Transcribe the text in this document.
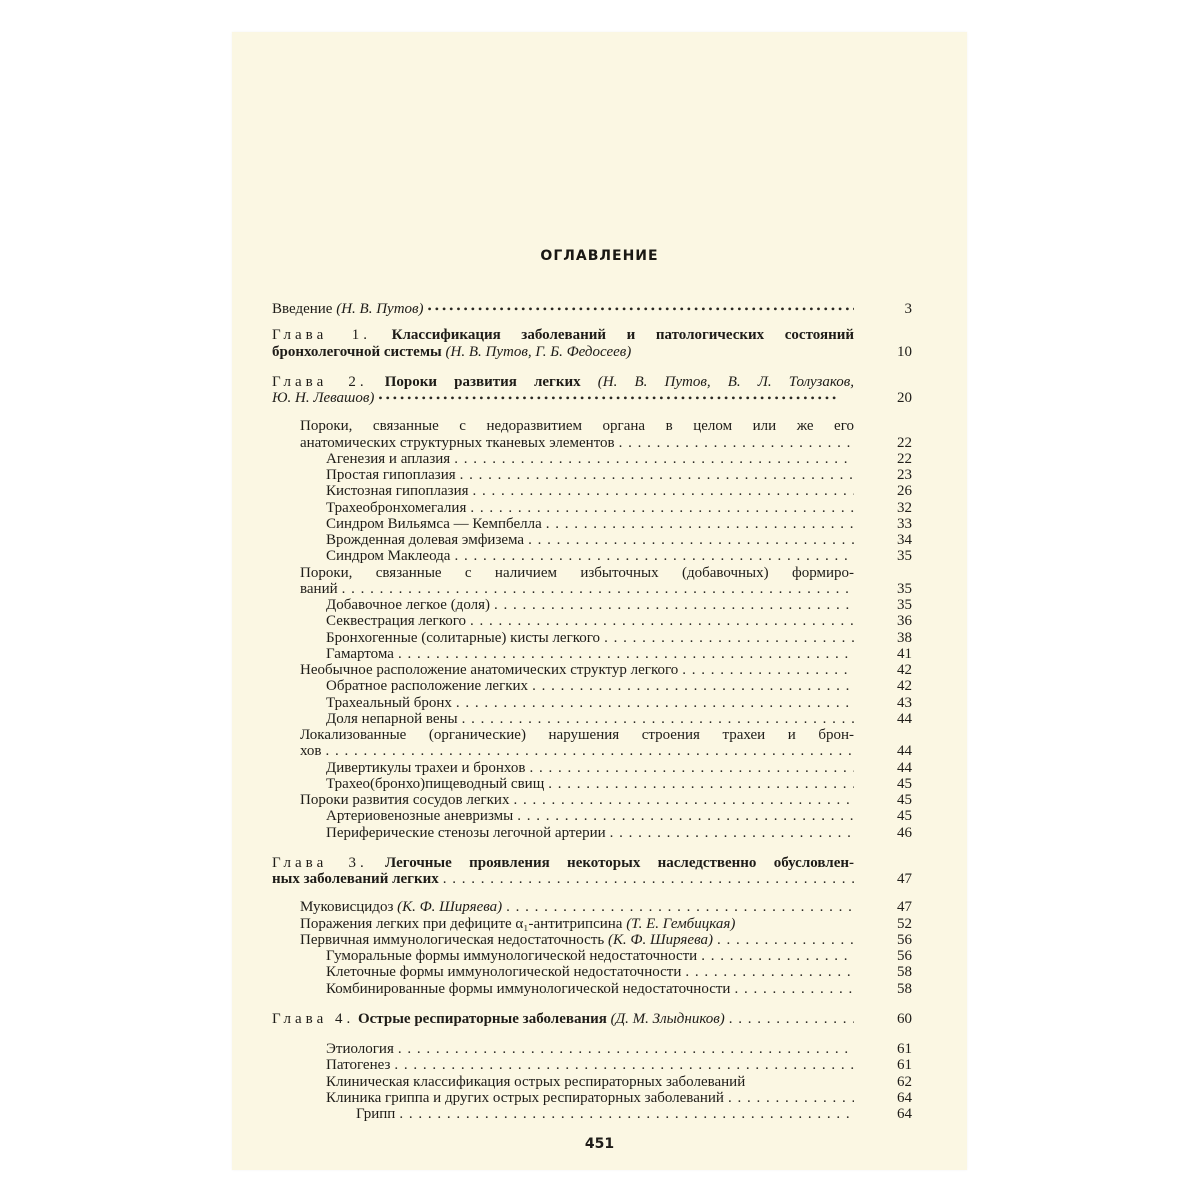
ОГЛАВЛЕНИЕ
Введение (Н. В. Путов) • •	3
Глава 1. Классификация заболеваний и патологических состояний
бронхолегочной системы (Н. В. Путов, Г. Б. Федосеев)	10
Глава 2. Пороки развития легких (Н. В. Путов, В. Л. Толузаков,
Ю. Н. Левашов) • •	20
Пороки, связанные с недоразвитием органа в целом или же его
анатомических структурных тканевых элементов . . .	22
Агенезия и аплазия . . .	22
Простая гипоплазия . . .	23
Кистозная гипоплазия . . .	26
Трахеобронхомегалия . . .	32
Синдром Вильямса — Кемпбелла . . .	33
Врожденная долевая эмфизема . . .	34
Синдром Маклеода . . .	35
Пороки, связанные с наличием избыточных (добавочных) формиро-
ваний . . .	35
Добавочное легкое (доля) . . .	35
Секвестрация легкого . . .	36
Бронхогенные (солитарные) кисты легкого . . .	38
Гамартома . . .	41
Необычное расположение анатомических структур легкого . . .	42
Обратное расположение легких . . .	42
Трахеальный бронх . . .	43
Доля непарной вены . . .	44
Локализованные (органические) нарушения строения трахеи и брон-
хов . . .	44
Дивертикулы трахеи и бронхов . . .	44
Трахео(бронхо)пищеводный свищ . . .	45
Пороки развития сосудов легких . . .	45
Артериовенозные аневризмы . . .	45
Периферические стенозы легочной артерии . . .	46
Глава 3. Легочные проявления некоторых наследственно обусловлен-
ных заболеваний легких . . .	47
Муковисцидоз (К. Ф. Ширяева) . . .	47
Поражения легких при дефиците α₁-антитрипсина (Т. Е. Гембицкая)	52
Первичная иммунологическая недостаточность (К. Ф. Ширяева) . . .	56
Гуморальные формы иммунологической недостаточности . . .	56
Клеточные формы иммунологической недостаточности . . .	58
Комбинированные формы иммунологической недостаточности . . .	58
Глава 4. Острые респираторные заболевания (Д. М. Злыдников) . . .	60
Этиология . . .	61
Патогенез . . .	61
Клиническая классификация острых респираторных заболеваний	62
Клиника гриппа и других острых респираторных заболеваний . . .	64
Грипп . . .	64
451
